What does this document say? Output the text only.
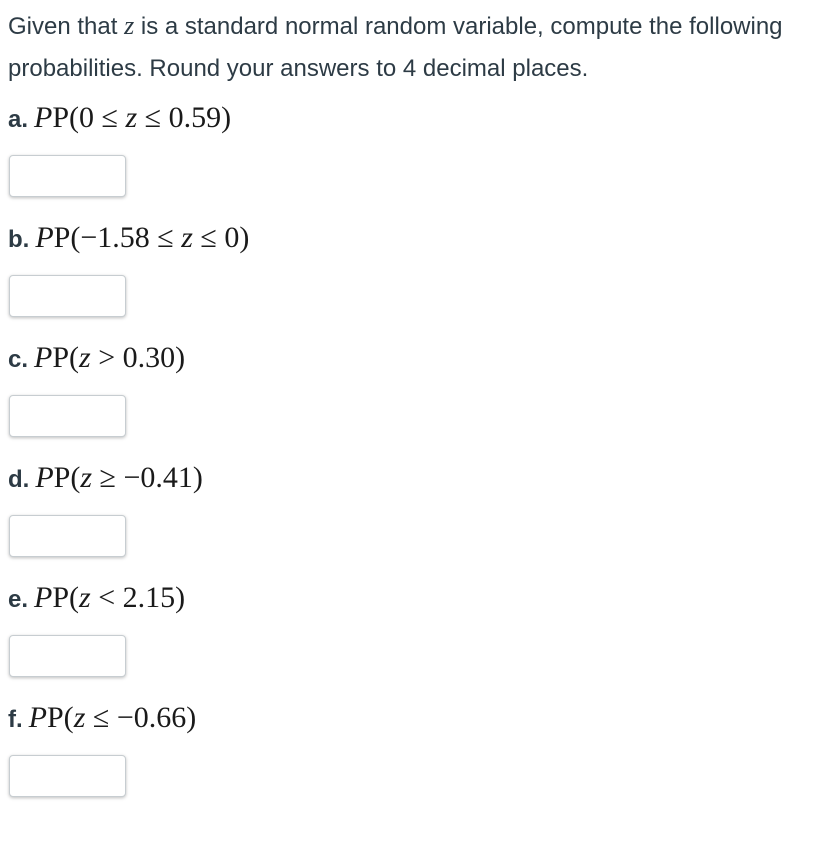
Given that z is a standard normal random variable, compute the following probabilities. Round your answers to 4 decimal places.
a. PP(0 ≤ z ≤ 0.59)
b. PP(−1.58 ≤ z ≤ 0)
c. PP(z > 0.30)
d. PP(z ≥ −0.41)
e. PP(z < 2.15)
f. PP(z ≤ −0.66)
